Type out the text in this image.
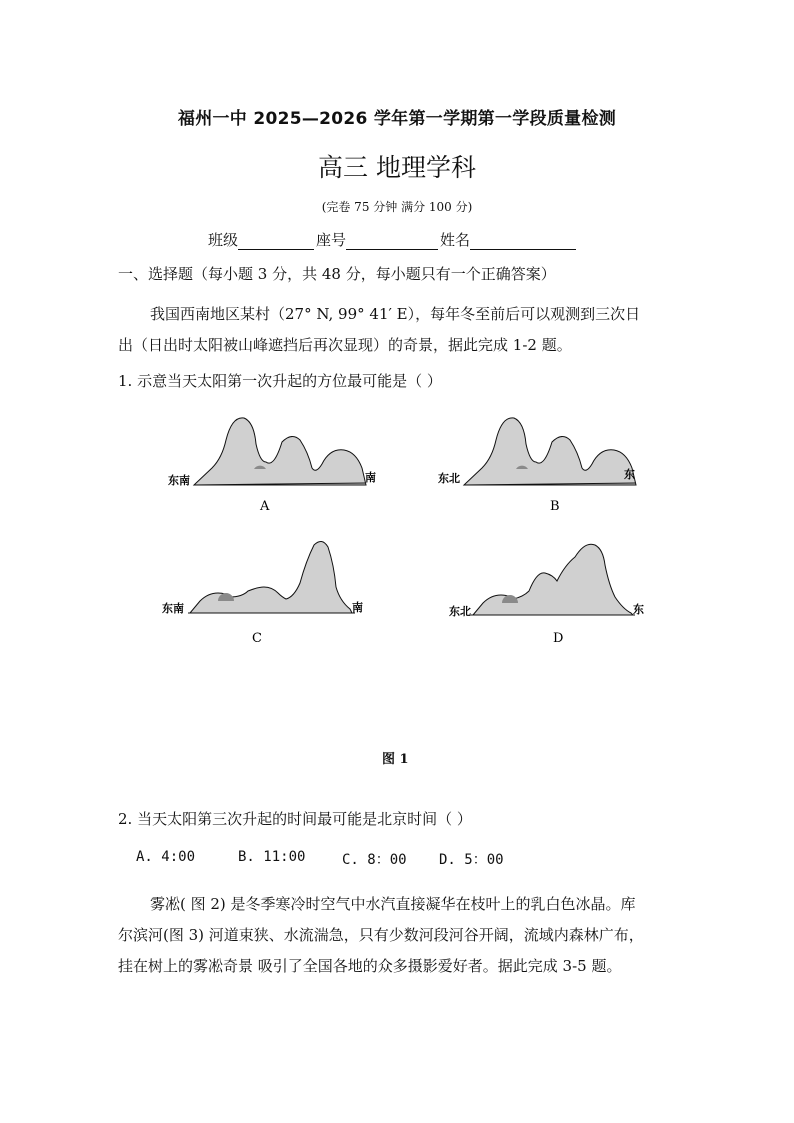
福州一中 2025—2026 学年第一学期第一学段质量检测
高三 地理学科
(完卷 75 分钟 满分 100 分)
班级	座号	姓名
一、选择题（每小题 3 分，共 48 分，每小题只有一个正确答案）
我国西南地区某村（27° N, 99° 41′ E），每年冬至前后可以观测到三次日
出（日出时太阳被山峰遮挡后再次显现）的奇景，据此完成 1-2 题。
1. 示意当天太阳第一次升起的方位最可能是（ ）
东南	南
A
东北	东
B
东南	南
C
东北	东
D
图 1
2. 当天太阳第三次升起的时间最可能是北京时间（ ）
A. 4:00	B. 11:00	C. 8：00 D. 5：00
雾凇( 图 2) 是冬季寒冷时空气中水汽直接凝华在枝叶上的乳白色冰晶。库
尔滨河(图 3) 河道束狭、水流湍急，只有少数河段河谷开阔，流域内森林广布，
挂在树上的雾凇奇景 吸引了全国各地的众多摄影爱好者。据此完成 3-5 题。
